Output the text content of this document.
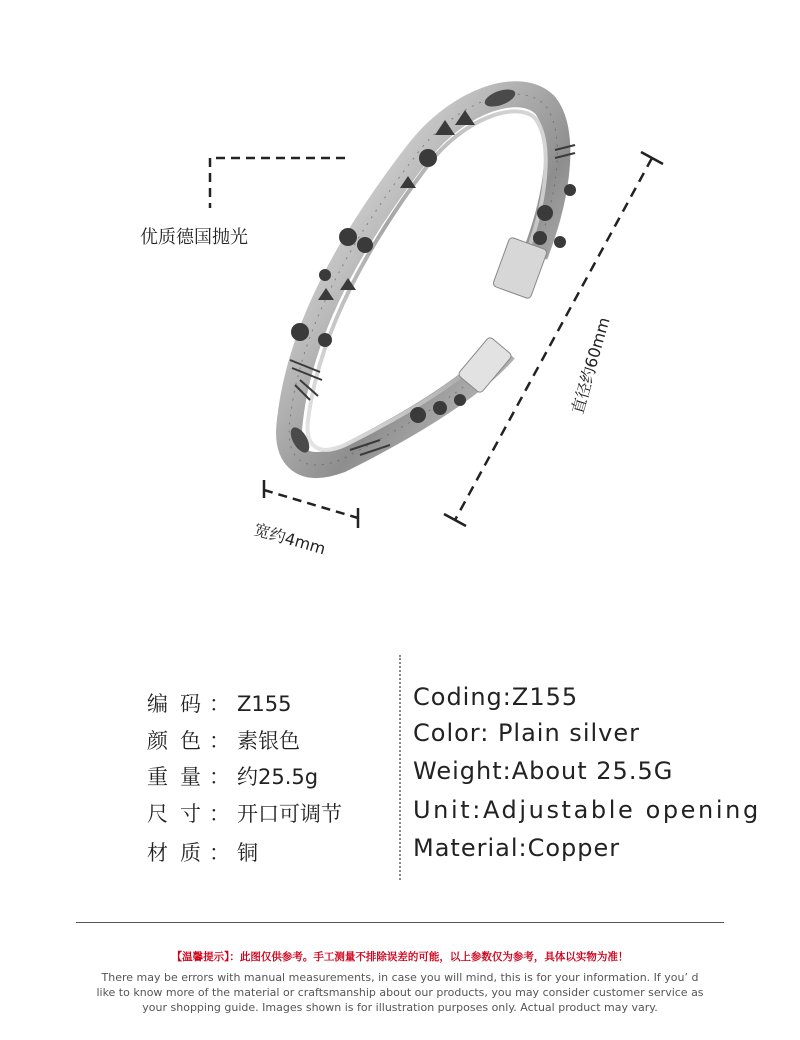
优质德国抛光
宽约4mm
直径约60mm
编码： Z155
颜色： 素银色
重量： 约25.5g
尺寸： 开口可调节
材质： 铜
Coding:Z155
Color: Plain silver
Weight:About 25.5G
Unit:Adjustable opening
Material:Copper
【温馨提示】：此图仅供参考。手工测量不排除误差的可能，以上参数仅为参考，具体以实物为准！
There may be errors with manual measurements, in case you will mind, this is for your information. If you’ d like to know more of the material or craftsmanship about our products, you may consider customer service as your shopping guide. Images shown is for illustration purposes only. Actual product may vary.
